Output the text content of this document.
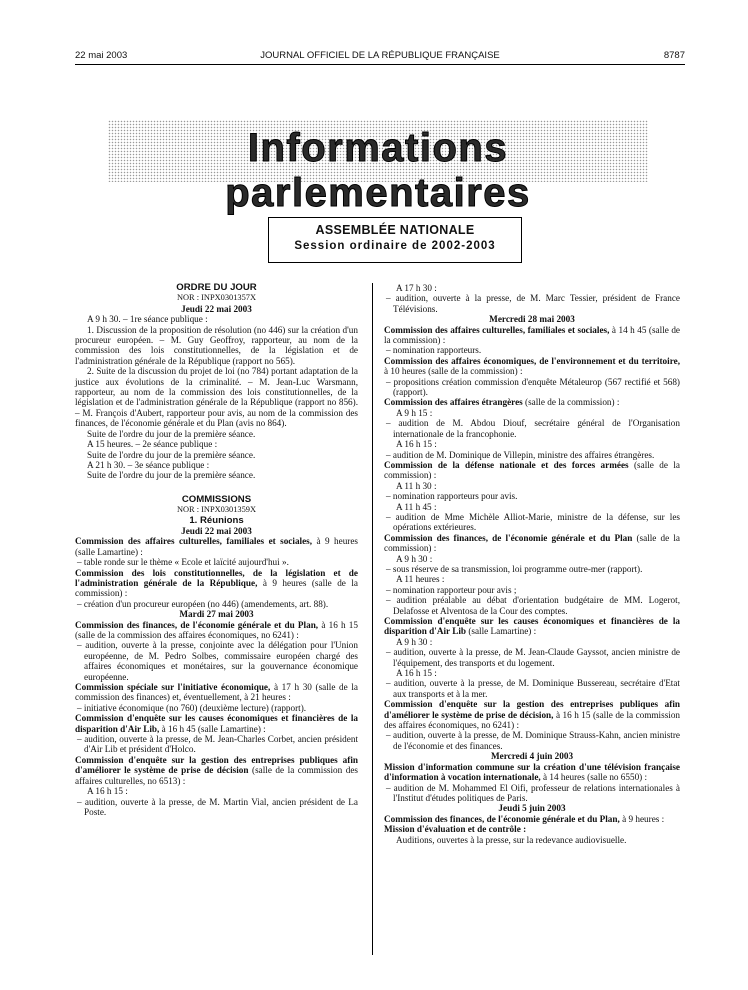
22 mai 2003	JOURNAL OFFICIEL DE LA RÉPUBLIQUE FRANÇAISE	8787
Informations parlementaires
ASSEMBLÉE NATIONALE
Session ordinaire de 2002-2003

ORDRE DU JOUR

NOR : INPX0301357X

Jeudi 22 mai 2003

A 9 h 30. – 1re séance publique :

1. Discussion de la proposition de résolution (no 446) sur la création d'un procureur européen. – M. Guy Geoffroy, rapporteur, au nom de la commission des lois constitutionnelles, de la législation et de l'administration générale de la République (rapport no 565).

2. Suite de la discussion du projet de loi (no 784) portant adaptation de la justice aux évolutions de la criminalité. – M. Jean-Luc Warsmann, rapporteur, au nom de la commission des lois constitutionnelles, de la législation et de l'administration générale de la République (rapport no 856). – M. François d'Aubert, rapporteur pour avis, au nom de la commission des finances, de l'économie générale et du Plan (avis no 864).

Suite de l'ordre du jour de la première séance.

A 15 heures. – 2e séance publique :

Suite de l'ordre du jour de la première séance.

A 21 h 30. – 3e séance publique :

Suite de l'ordre du jour de la première séance.

COMMISSIONS

NOR : INPX0301359X

1. Réunions

Jeudi 22 mai 2003

Commission des affaires culturelles, familiales et sociales, à 9 heures (salle Lamartine) :

– table ronde sur le thème « Ecole et laïcité aujourd'hui ».

Commission des lois constitutionnelles, de la législation et de l'administration générale de la République, à 9 heures (salle de la commission) :

– création d'un procureur européen (no 446) (amendements, art. 88).

Mardi 27 mai 2003

Commission des finances, de l'économie générale et du Plan, à 16 h 15 (salle de la commission des affaires économiques, no 6241) :

– audition, ouverte à la presse, conjointe avec la délégation pour l'Union européenne, de M. Pedro Solbes, commissaire européen chargé des affaires économiques et monétaires, sur la gouvernance économique européenne.

Commission spéciale sur l'initiative économique, à 17 h 30 (salle de la commission des finances) et, éventuellement, à 21 heures :

– initiative économique (no 760) (deuxième lecture) (rapport).

Commission d'enquête sur les causes économiques et financières de la disparition d'Air Lib, à 16 h 45 (salle Lamartine) :

– audition, ouverte à la presse, de M. Jean-Charles Corbet, ancien président d'Air Lib et président d'Holco.

Commission d'enquête sur la gestion des entreprises publiques afin d'améliorer le système de prise de décision (salle de la commission des affaires culturelles, no 6513) :

A 16 h 15 :

– audition, ouverte à la presse, de M. Martin Vial, ancien président de La Poste.

A 17 h 30 :

– audition, ouverte à la presse, de M. Marc Tessier, président de France Télévisions.

Mercredi 28 mai 2003

Commission des affaires culturelles, familiales et sociales, à 14 h 45 (salle de la commission) :

– nomination rapporteurs.

Commission des affaires économiques, de l'environnement et du territoire, à 10 heures (salle de la commission) :

– propositions création commission d'enquête Métaleurop (567 rectifié et 568) (rapport).

Commission des affaires étrangères (salle de la commission) :

A 9 h 15 :

– audition de M. Abdou Diouf, secrétaire général de l'Organisation internationale de la francophonie.

A 16 h 15 :

– audition de M. Dominique de Villepin, ministre des affaires étrangères.

Commission de la défense nationale et des forces armées (salle de la commission) :

A 11 h 30 :

– nomination rapporteurs pour avis.

A 11 h 45 :

– audition de Mme Michèle Alliot-Marie, ministre de la défense, sur les opérations extérieures.

Commission des finances, de l'économie générale et du Plan (salle de la commission) :

A 9 h 30 :

– sous réserve de sa transmission, loi programme outre-mer (rapport).

A 11 heures :

– nomination rapporteur pour avis ;

– audition préalable au débat d'orientation budgétaire de MM. Logerot, Delafosse et Alventosa de la Cour des comptes.

Commission d'enquête sur les causes économiques et financières de la disparition d'Air Lib (salle Lamartine) :

A 9 h 30 :

– audition, ouverte à la presse, de M. Jean-Claude Gayssot, ancien ministre de l'équipement, des transports et du logement.

A 16 h 15 :

– audition, ouverte à la presse, de M. Dominique Bussereau, secrétaire d'Etat aux transports et à la mer.

Commission d'enquête sur la gestion des entreprises publiques afin d'améliorer le système de prise de décision, à 16 h 15 (salle de la commission des affaires économiques, no 6241) :

– audition, ouverte à la presse, de M. Dominique Strauss-Kahn, ancien ministre de l'économie et des finances.

Mercredi 4 juin 2003

Mission d'information commune sur la création d'une télévision française d'information à vocation internationale, à 14 heures (salle no 6550) :

– audition de M. Mohammed El Oifi, professeur de relations internationales à l'Institut d'études politiques de Paris.

Jeudi 5 juin 2003

Commission des finances, de l'économie générale et du Plan, à 9 heures :

Mission d'évaluation et de contrôle :

Auditions, ouvertes à la presse, sur la redevance audiovisuelle.
